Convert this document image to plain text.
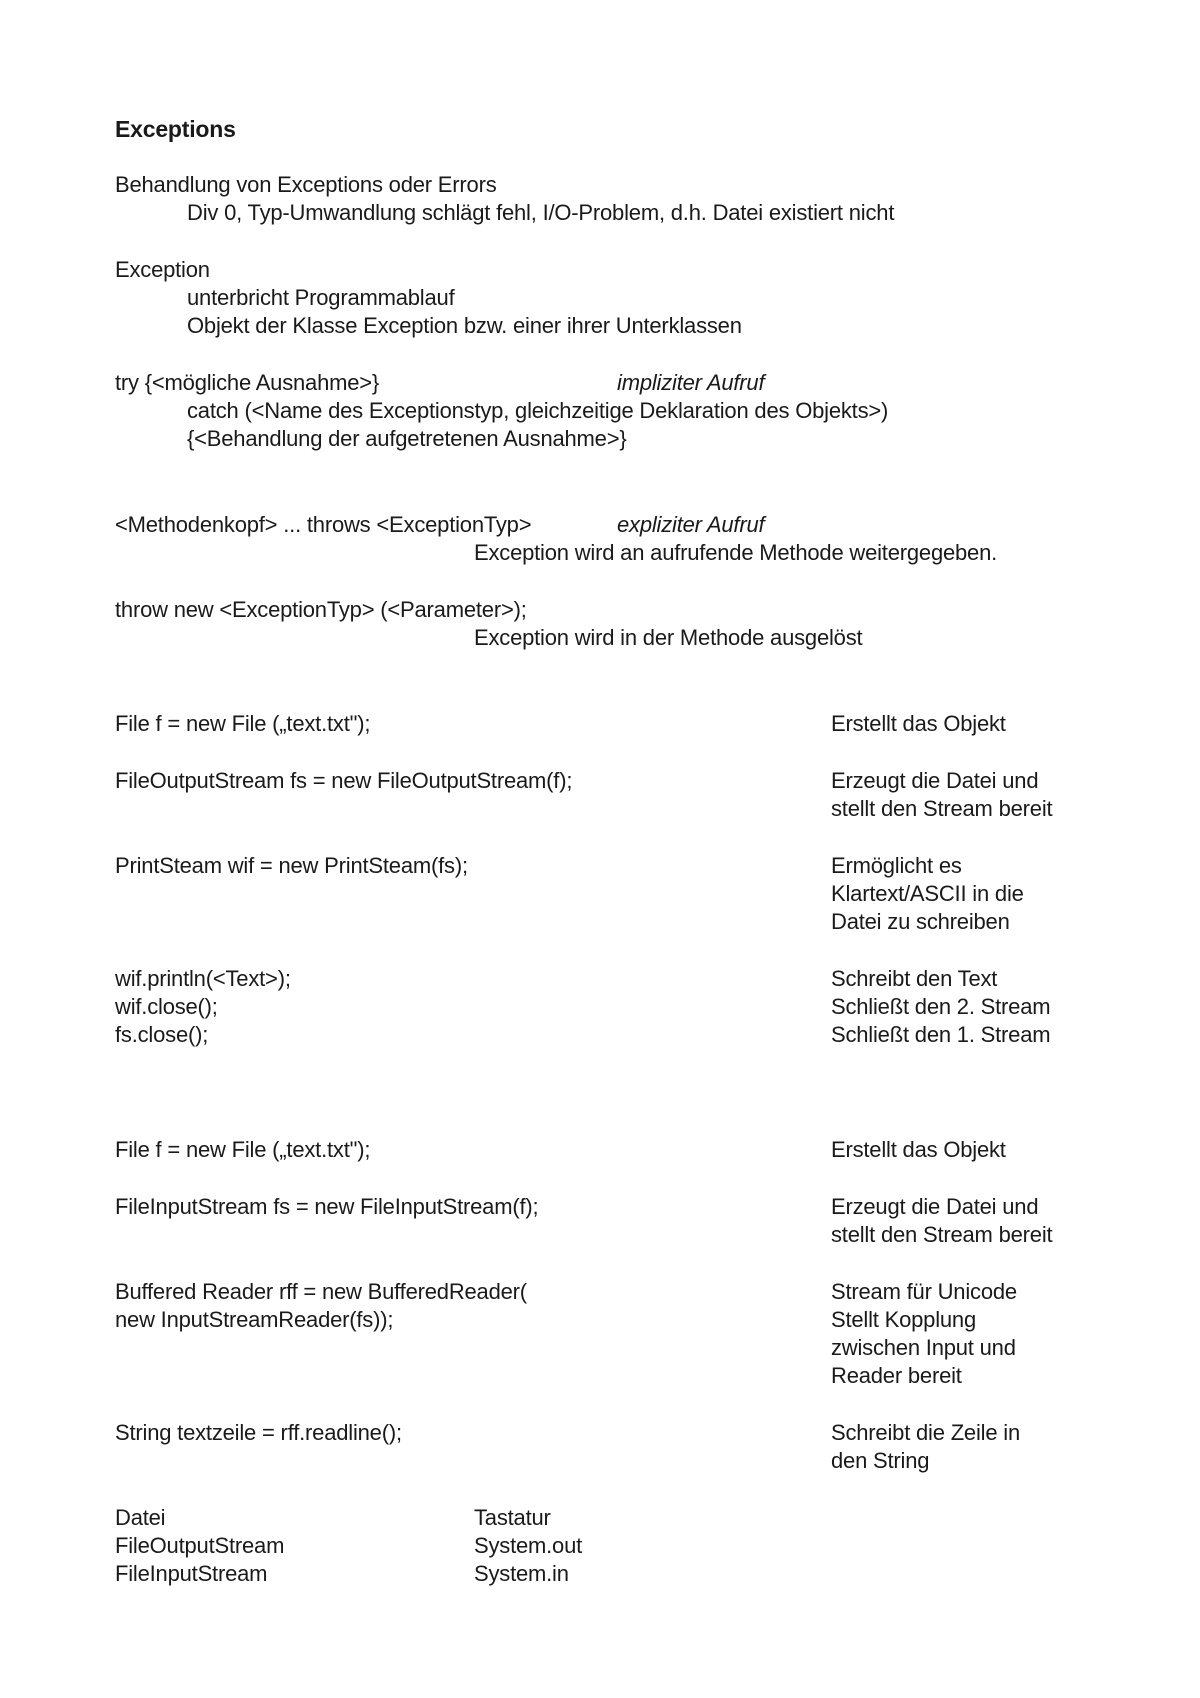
Exceptions
Behandlung von Exceptions oder Errors
Div 0, Typ-Umwandlung schlägt fehl, I/O-Problem, d.h. Datei existiert nicht
Exception
unterbricht Programmablauf
Objekt der Klasse Exception bzw. einer ihrer Unterklassen
try {<mögliche Ausnahme>}	impliziter Aufruf
catch (<Name des Exceptionstyp, gleichzeitige Deklaration des Objekts>)
{<Behandlung der aufgetretenen Ausnahme>}
<Methodenkopf> ... throws <ExceptionTyp>	expliziter Aufruf
Exception wird an aufrufende Methode weitergegeben.
throw new <ExceptionTyp> (<Parameter>);
Exception wird in der Methode ausgelöst
File f = new File („text.txt");	Erstellt das Objekt
FileOutputStream fs = new FileOutputStream(f);	Erzeugt die Datei und
stellt den Stream bereit
PrintSteam wif = new PrintSteam(fs);	Ermöglicht es
Klartext/ASCII in die
Datei zu schreiben
wif.println(<Text>);	Schreibt den Text
wif.close();	Schließt den 2. Stream
fs.close();	Schließt den 1. Stream
File f = new File („text.txt");	Erstellt das Objekt
FileInputStream fs = new FileInputStream(f);	Erzeugt die Datei und
stellt den Stream bereit
Buffered Reader rff = new BufferedReader(	Stream für Unicode
new InputStreamReader(fs));	Stellt Kopplung
zwischen Input und
Reader bereit
String textzeile = rff.readline();	Schreibt die Zeile in
den String
Datei	Tastatur
FileOutputStream	System.out
FileInputStream	System.in
